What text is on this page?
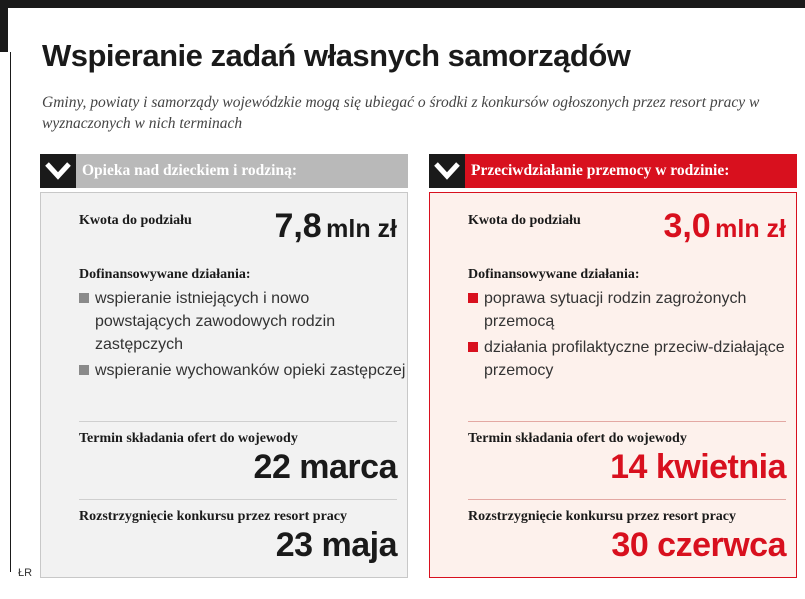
Wspieranie zadań własnych samorządów

Gminy, powiaty i samorządy wojewódzkie mogą się ubiegać o środki z konkursów ogłoszonych przez resort pracy w wyznaczonych w nich terminach

Opieka nad dzieckiem i rodziną:
Kwota do podziału 7,8 mln zł
Dofinansowywane działania:
wspieranie istniejących i nowo powstających zawodowych rodzin zastępczych
wspieranie wychowanków opieki zastępczej
Termin składania ofert do wojewody
22 marca
Rozstrzygnięcie konkursu przez resort pracy
23 maja
Przeciwdziałanie przemocy w rodzinie:
Kwota do podziału 3,0 mln zł
Dofinansowywane działania:
poprawa sytuacji rodzin zagrożonych przemocą
działania profilaktyczne przeciw-działające przemocy
Termin składania ofert do wojewody
14 kwietnia
Rozstrzygnięcie konkursu przez resort pracy
30 czerwca
ŁR
